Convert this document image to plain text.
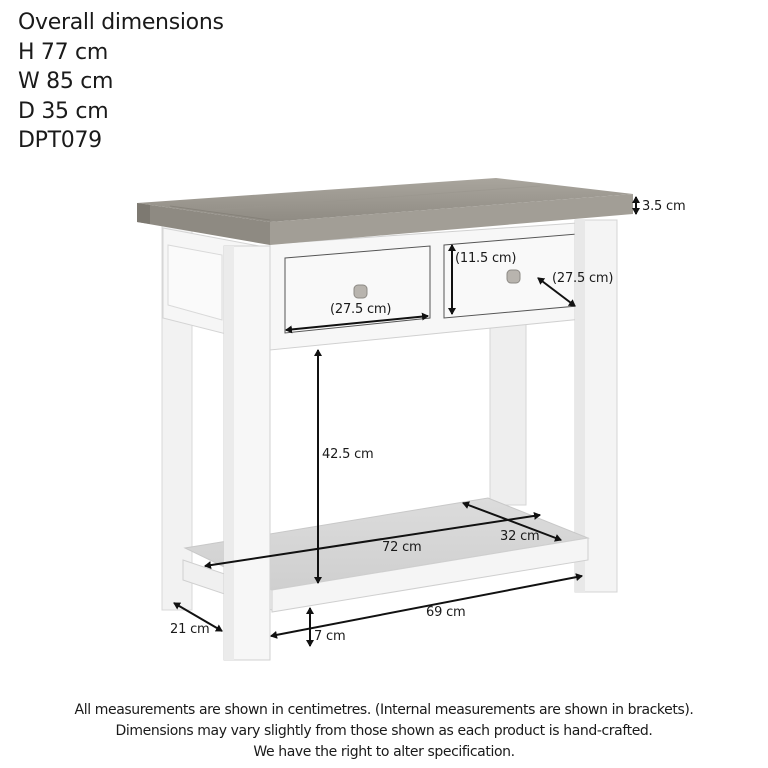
Overall dimensions
H 77 cm
W 85 cm
D 35 cm
DPT079
3.5 cm
(11.5 cm)
(27.5 cm)
(27.5 cm)
42.5 cm
72 cm
32 cm
21 cm
69 cm
7 cm
All measurements are shown in centimetres. (Internal measurements are shown in brackets).
Dimensions may vary slightly from those shown as each product is hand-crafted.
We have the right to alter specification.
